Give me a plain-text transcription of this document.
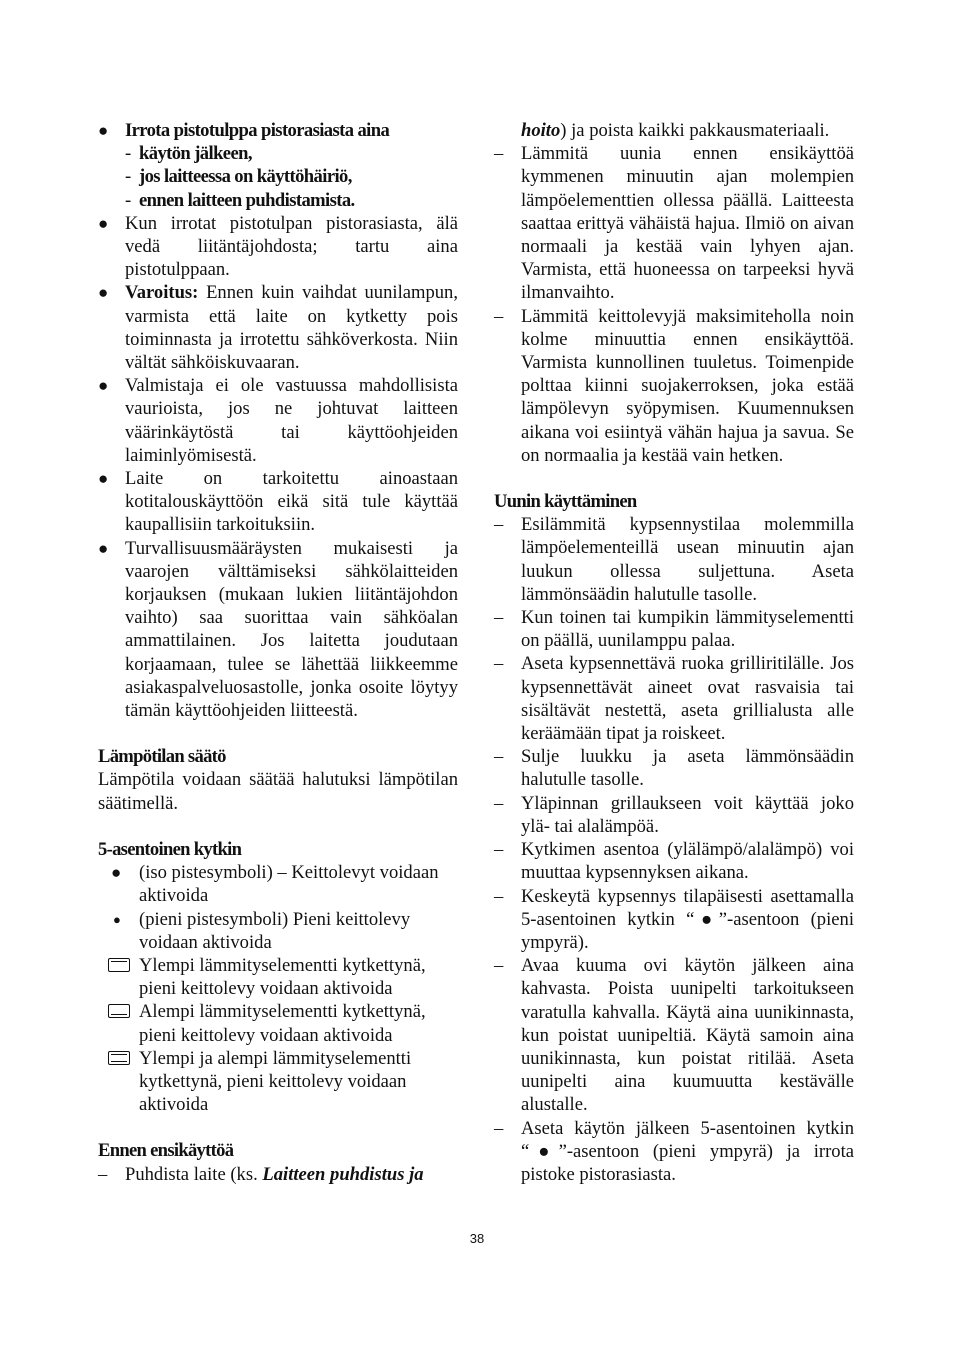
● Irrota pistotulppa pistorasiasta aina
- käytön jälkeen,
- jos laitteessa on käyttöhäiriö,
- ennen laitteen puhdistamista.
● Kun irrotat pistotulpan pistorasiasta, älä vedä liitäntäjohdosta; tartu aina pistotulppaan.
● Varoitus: Ennen kuin vaihdat uunilampun, varmista että laite on kytketty pois toiminnasta ja irrotettu sähköverkosta. Niin vältät sähköiskuvaaran.
● Valmistaja ei ole vastuussa mahdollisista vaurioista, jos ne johtuvat laitteen väärinkäytöstä tai käyttöohjeiden laiminlyömisestä.
● Laite on tarkoitettu ainoastaan kotitalouskäyttöön eikä sitä tule käyttää kaupallisiin tarkoituksiin.
● Turvallisuusmääräysten mukaisesti ja vaarojen välttämiseksi sähkölaitteiden korjauksen (mukaan lukien liitäntäjohdon vaihto) saa suorittaa vain sähköalan ammattilainen. Jos laitetta joudutaan korjaamaan, tulee se lähettää liikkeemme asiakaspalveluosastolle, jonka osoite löytyy tämän käyttöohjeiden liitteestä.
Lämpötilan säätö
Lämpötila voidaan säätää halutuksi lämpötilan säätimellä.
5-asentoinen kytkin
● (iso pistesymboli) – Keittolevyt voidaan aktivoida
● (pieni pistesymboli) Pieni keittolevy voidaan aktivoida
Ylempi lämmityselementti kytkettynä, pieni keittolevy voidaan aktivoida
Alempi lämmityselementti kytkettynä, pieni keittolevy voidaan aktivoida
Ylempi ja alempi lämmityselementti kytkettynä, pieni keittolevy voidaan aktivoida
Ennen ensikäyttöä
– Puhdista laite (ks. Laitteen puhdistus ja
hoito) ja poista kaikki pakkausmateriaali.
– Lämmitä uunia ennen ensikäyttöä kymmenen minuutin ajan molempien lämpöelementtien ollessa päällä. Laitteesta saattaa erittyä vähäistä hajua. Ilmiö on aivan normaali ja kestää vain lyhyen ajan. Varmista, että huoneessa on tarpeeksi hyvä ilmanvaihto.
– Lämmitä keittolevyjä maksimiteholla noin kolme minuuttia ennen ensikäyttöä. Varmista kunnollinen tuuletus. Toimenpide polttaa kiinni suojakerroksen, joka estää lämpölevyn syöpymisen. Kuumennuksen aikana voi esiintyä vähän hajua ja savua. Se on normaalia ja kestää vain hetken.
Uunin käyttäminen
– Esilämmitä kypsennystilaa molemmilla lämpöelementeillä usean minuutin ajan luukun ollessa suljettuna. Aseta lämmönsäädin halutulle tasolle.
– Kun toinen tai kumpikin lämmityselementti on päällä, uunilamppu palaa.
– Aseta kypsennettävä ruoka grilliritilälle. Jos kypsennettävät aineet ovat rasvaisia tai sisältävät nestettä, aseta grillialusta alle keräämään tipat ja roiskeet.
– Sulje luukku ja aseta lämmönsäädin halutulle tasolle.
– Yläpinnan grillaukseen voit käyttää joko ylä- tai alalämpöä.
– Kytkimen asentoa (ylälämpö/alalämpö) voi muuttaa kypsennyksen aikana.
– Keskeytä kypsennys tilapäisesti asettamalla 5-asentoinen kytkin “●”-asentoon (pieni ympyrä).
– Avaa kuuma ovi käytön jälkeen aina kahvasta. Poista uunipelti tarkoitukseen varatulla kahvalla. Käytä aina uunikinnasta, kun poistat uunipeltiä. Käytä samoin aina uunikinnasta, kun poistat ritilää. Aseta uunipelti aina kuumuutta kestävälle alustalle.
– Aseta käytön jälkeen 5-asentoinen kytkin “●”-asentoon (pieni ympyrä) ja irrota pistoke pistorasiasta.
38
